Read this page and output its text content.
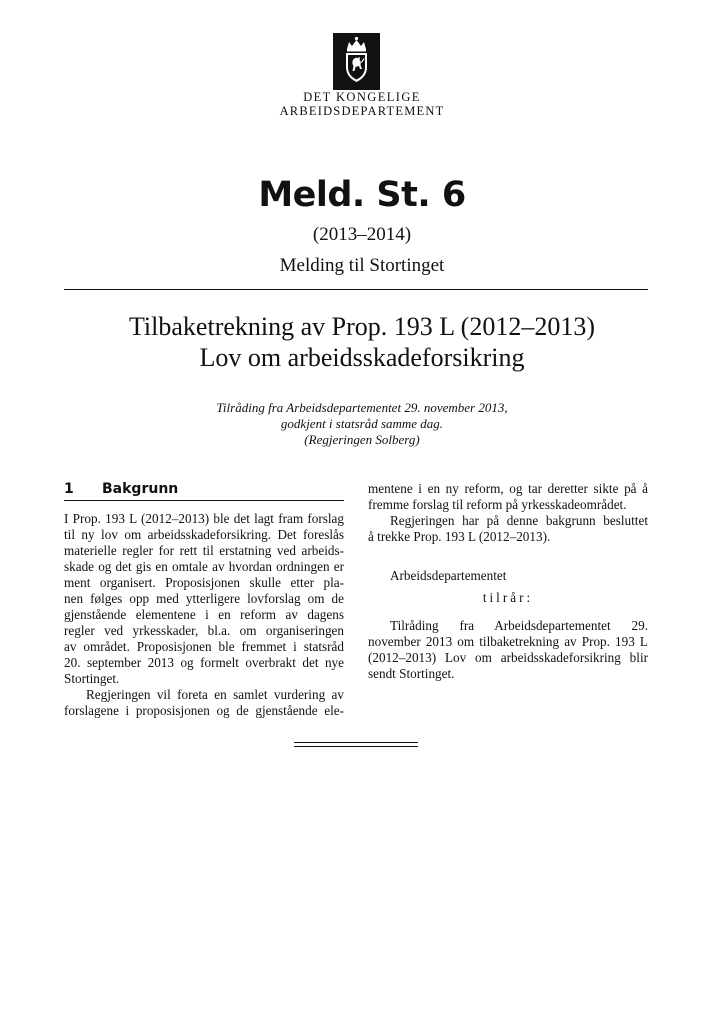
DET KONGELIGE
ARBEIDSDEPARTEMENT
Meld. St. 6
(2013–2014)
Melding til Stortinget
Tilbaketrekning av Prop. 193 L (2012–2013)
Lov om arbeidsskadeforsikring
Tilråding fra Arbeidsdepartementet 29. november 2013,
godkjent i statsråd samme dag.
(Regjeringen Solberg)
1 Bakgrunn
I Prop. 193 L (2012–2013) ble det lagt fram forslag
til ny lov om arbeidsskadeforsikring. Det foreslås
materielle regler for rett til erstatning ved arbeids-
skade og det gis en omtale av hvordan ordningen er
ment organisert. Proposisjonen skulle etter pla-
nen følges opp med ytterligere lovforslag om de
gjenstående elementene i en reform av dagens
regler ved yrkesskader, bl.a. om organiseringen
av området. Proposisjonen ble fremmet i statsråd
20. september 2013 og formelt overbrakt det nye
Stortinget.
Regjeringen vil foreta en samlet vurdering av
forslagene i proposisjonen og de gjenstående ele-
mentene i en ny reform, og tar deretter sikte på å
fremme forslag til reform på yrkesskadeområdet.
Regjeringen har på denne bakgrunn besluttet
å trekke Prop. 193 L (2012–2013).
Arbeidsdepartementet
tilrår:
Tilråding fra Arbeidsdepartementet 29.
november 2013 om tilbaketrekning av Prop. 193 L
(2012–2013) Lov om arbeidsskadeforsikring blir
sendt Stortinget.
